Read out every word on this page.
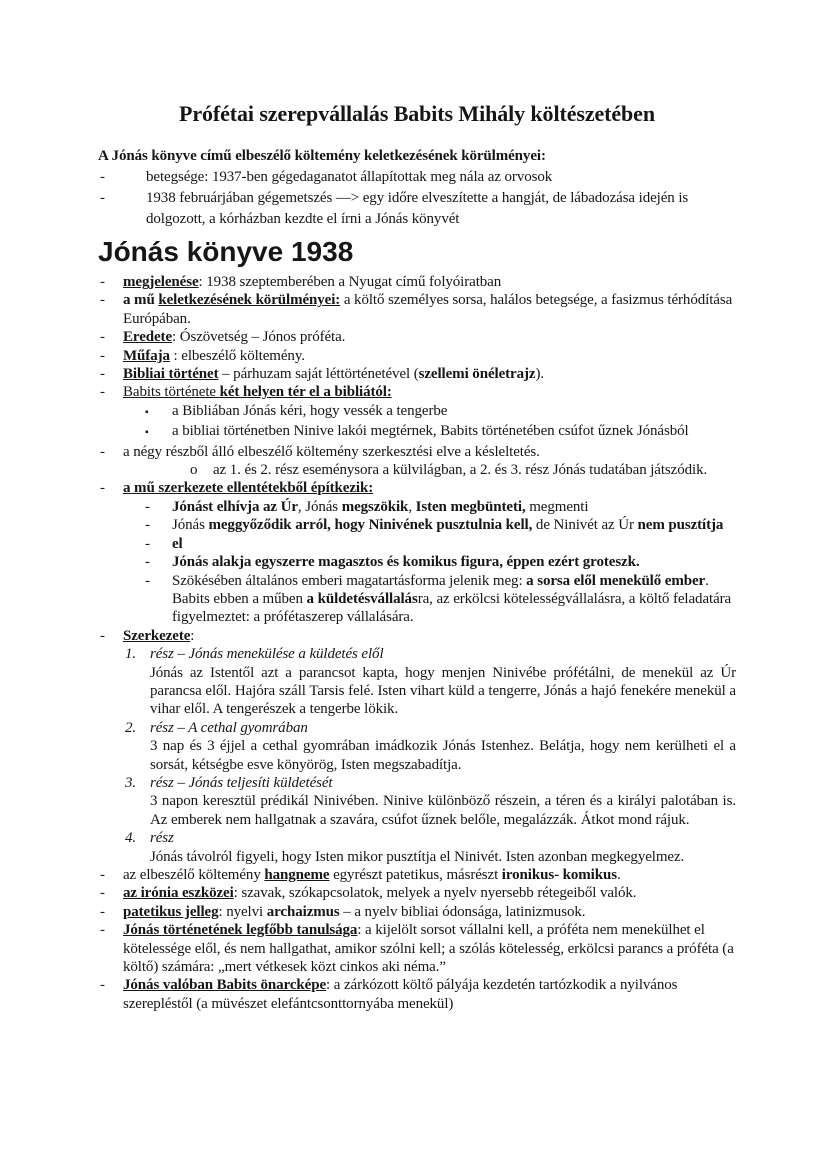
Prófétai szerepvállalás Babits Mihály költészetében
A Jónás könyve című elbeszélő költemény keletkezésének körülményei:
-	betegsége: 1937-ben gégedaganatot állapítottak meg nála az orvosok
-	1938 februárjában gégemetszés —> egy időre elveszítette a hangját, de lábadozása idején is dolgozott, a kórházban kezdte el írni a Jónás könyvét
Jónás könyve 1938
-	megjelenése: 1938 szeptemberében a Nyugat című folyóiratban
-	a mű keletkezésének körülményei: a költő személyes sorsa, halálos betegsége, a fasizmus térhódítása Európában.
-	Eredete: Ószövetség – Jónos próféta.
-	Műfaja : elbeszélő költemény.
-	Bibliai történet – párhuzam saját léttörténetével (szellemi önéletrajz).
-	Babits története két helyen tér el a bibliától:
▪	a Bibliában Jónás kéri, hogy vessék a tengerbe
▪	a bibliai történetben Ninive lakói megtérnek, Babits történetében csúfot űznek Jónásból
-	a négy részből álló elbeszélő költemény szerkesztési elve a késleltetés.
o	az 1. és 2. rész eseménysora a külvilágban, a 2. és 3. rész Jónás tudatában játszódik.
-	a mű szerkezete ellentétekből építkezik:
-	Jónást elhívja az Úr, Jónás megszökik, Isten megbünteti, megmenti
-	Jónás meggyőződik arról, hogy Ninivének pusztulnia kell, de Ninivét az Úr nem pusztítja
-	el
-	Jónás alakja egyszerre magasztos és komikus figura, éppen ezért groteszk.
-	Szökésében általános emberi magatartásforma jelenik meg: a sorsa elől menekülő ember. Babits ebben a műben a küldetésvállalásra, az erkölcsi kötelességvállalásra, a költő feladatára figyelmeztet: a prófétaszerep vállalására.
-	Szerkezete:
1. rész – Jónás menekülése a küldetés elől
Jónás az Istentől azt a parancsot kapta, hogy menjen Ninivébe prófétálni, de menekül az Úr parancsa elől. Hajóra száll Tarsis felé. Isten vihart küld a tengerre, Jónás a hajó fenekére menekül a vihar elől. A tengerészek a tengerbe lökik.
2. rész – A cethal gyomrában
3 nap és 3 éjjel a cethal gyomrában imádkozik Jónás Istenhez. Belátja, hogy nem kerülheti el a sorsát, kétségbe esve könyörög, Isten megszabadítja.
3. rész – Jónás teljesíti küldetését
3 napon keresztül prédikál Ninivében. Ninive különböző részein, a téren és a királyi palotában is. Az emberek nem hallgatnak a szavára, csúfot űznek belőle, megalázzák. Átkot mond rájuk.
4. rész
Jónás távolról figyeli, hogy Isten mikor pusztítja el Ninivét. Isten azonban megkegyelmez.
-	az elbeszélő költemény hangneme egyrészt patetikus, másrészt ironikus- komikus.
-	az irónia eszközei: szavak, szókapcsolatok, melyek a nyelv nyersebb rétegeiből valók.
-	patetikus jelleg: nyelvi archaizmus – a nyelv bibliai ódonsága, latinizmusok.
-	Jónás történetének legfőbb tanulsága: a kijelölt sorsot vállalni kell, a próféta nem menekülhet el kötelessége elől, és nem hallgathat, amikor szólni kell; a szólás kötelesség, erkölcsi parancs a próféta (a költő) számára: „mert vétkesek közt cinkos aki néma.”
-	Jónás valóban Babits önarcképe: a zárkózott költő pályája kezdetén tartózkodik a nyilvános szerepléstől (a müvészet elefántcsonttornyába menekül)
